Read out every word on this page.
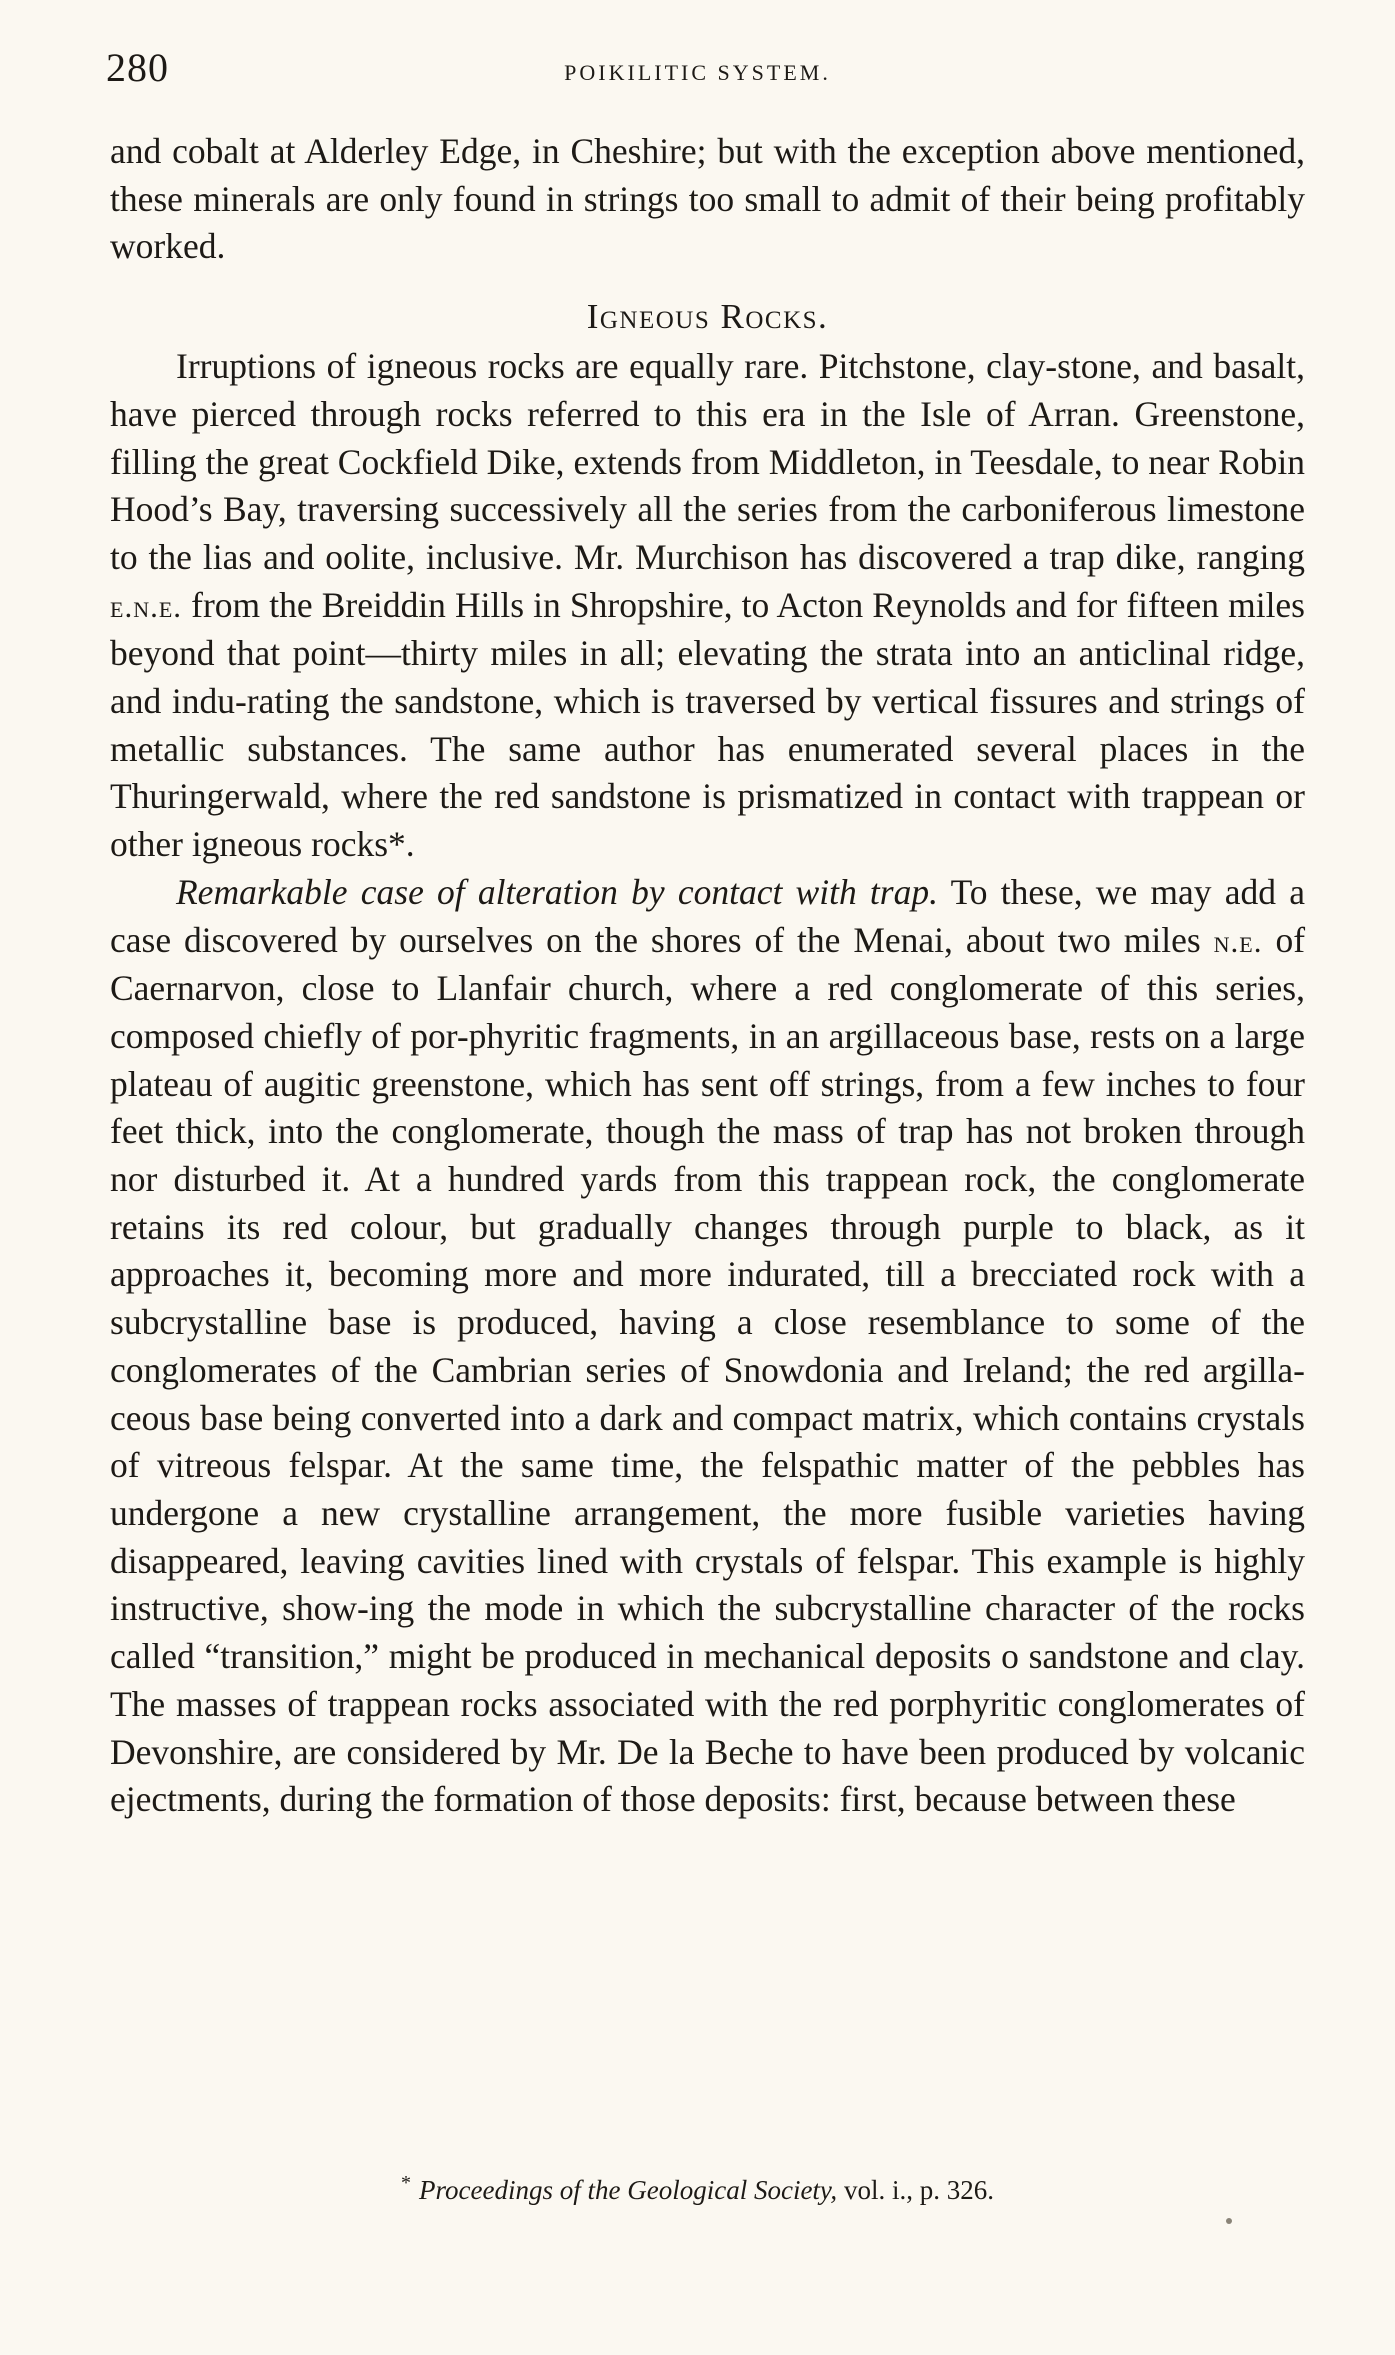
280	POIKILITIC SYSTEM.

and cobalt at Alderley Edge, in Cheshire; but with the exception above mentioned, these minerals are only found in strings too small to admit of their being profitably worked.

Igneous Rocks.

Irruptions of igneous rocks are equally rare. Pitchstone, clay-stone, and basalt, have pierced through rocks referred to this era in the Isle of Arran. Greenstone, filling the great Cockfield Dike, extends from Middleton, in Teesdale, to near Robin Hood’s Bay, traversing successively all the series from the carboniferous limestone to the lias and oolite, inclusive. Mr. Murchison has discovered a trap dike, ranging e.n.e. from the Breiddin Hills in Shropshire, to Acton Reynolds and for fifteen miles beyond that point—thirty miles in all; elevating the strata into an anticlinal ridge, and indu-rating the sandstone, which is traversed by vertical fissures and strings of metallic substances. The same author has enumerated several places in the Thuringerwald, where the red sandstone is prismatized in contact with trappean or other igneous rocks*.

Remarkable case of alteration by contact with trap. To these, we may add a case discovered by ourselves on the shores of the Menai, about two miles n.e. of Caernarvon, close to Llanfair church, where a red conglomerate of this series, composed chiefly of por-phyritic fragments, in an argillaceous base, rests on a large plateau of augitic greenstone, which has sent off strings, from a few inches to four feet thick, into the conglomerate, though the mass of trap has not broken through nor disturbed it. At a hundred yards from this trappean rock, the conglomerate retains its red colour, but gradually changes through purple to black, as it approaches it, becoming more and more indurated, till a brecciated rock with a subcrystalline base is produced, having a close resemblance to some of the conglomerates of the Cambrian series of Snowdonia and Ireland; the red argilla-ceous base being converted into a dark and compact matrix, which contains crystals of vitreous felspar. At the same time, the felspathic matter of the pebbles has undergone a new crystalline arrangement, the more fusible varieties having disappeared, leaving cavities lined with crystals of felspar. This example is highly instructive, show-ing the mode in which the subcrystalline character of the rocks called “transition,” might be produced in mechanical deposits o sandstone and clay. The masses of trappean rocks associated with the red porphyritic conglomerates of Devonshire, are considered by Mr. De la Beche to have been produced by volcanic ejectments, during the formation of those deposits: first, because between these

* Proceedings of the Geological Society, vol. i., p. 326.
